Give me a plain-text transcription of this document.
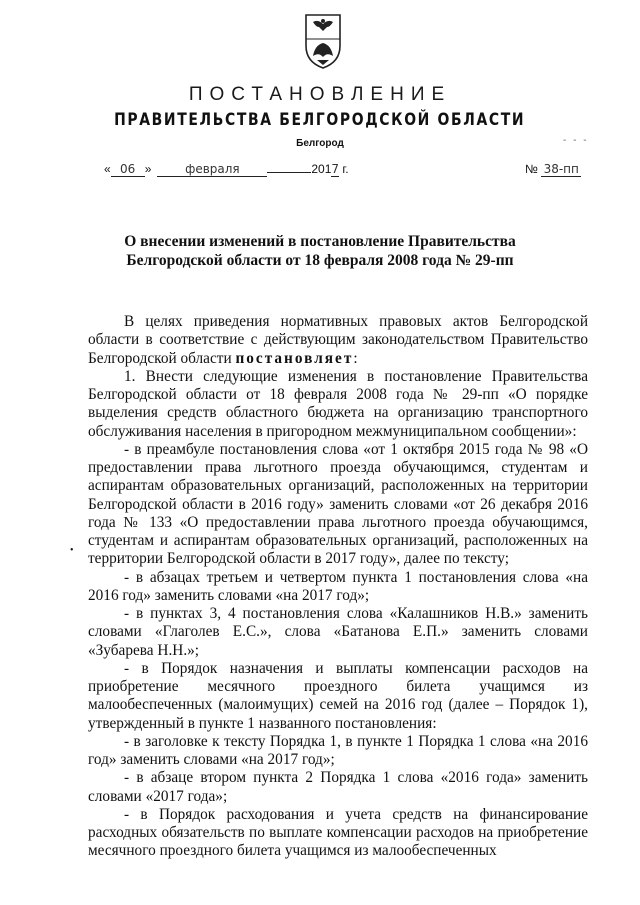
ПОСТАНОВЛЕНИЕ
ПРАВИТЕЛЬСТВА БЕЛГОРОДСКОЙ ОБЛАСТИ
Белгород	- - -
« 06 »	февраля	2017 г.	№ 38-пп
О внесении изменений в постановление Правительства
Белгородской области от 18 февраля 2008 года № 29-пп
•

В целях приведения нормативных правовых актов Белгородской области в соответствие с действующим законодательством Правительство Белгородской области постановляет:

1. Внести следующие изменения в постановление Правительства Белгородской области от 18 февраля 2008 года № 29-пп «О порядке выделения средств областного бюджета на организацию транспортного обслуживания населения в пригородном межмуниципальном сообщении»:

- в преамбуле постановления слова «от 1 октября 2015 года № 98 «О предоставлении права льготного проезда обучающимся, студентам и аспирантам образовательных организаций, расположенных на территории Белгородской области в 2016 году» заменить словами «от 26 декабря 2016 года № 133 «О предоставлении права льготного проезда обучающимся, студентам и аспирантам образовательных организаций, расположенных на территории Белгородской области в 2017 году», далее по тексту;

- в абзацах третьем и четвертом пункта 1 постановления слова «на 2016 год» заменить словами «на 2017 год»;

- в пунктах 3, 4 постановления слова «Калашников Н.В.» заменить словами «Глаголев Е.С.», слова «Батанова Е.П.» заменить словами «Зубарева Н.Н.»;

- в Порядок назначения и выплаты компенсации расходов на приобретение месячного проездного билета учащимся из малообеспеченных (малоимущих) семей на 2016 год (далее – Порядок 1), утвержденный в пункте 1 названного постановления:

- в заголовке к тексту Порядка 1, в пункте 1 Порядка 1 слова «на 2016 год» заменить словами «на 2017 год»;

- в абзаце втором пункта 2 Порядка 1 слова «2016 года» заменить словами «2017 года»;

- в Порядок расходования и учета средств на финансирование расходных обязательств по выплате компенсации расходов на приобретение месячного проездного билета учащимся из малообеспеченных
